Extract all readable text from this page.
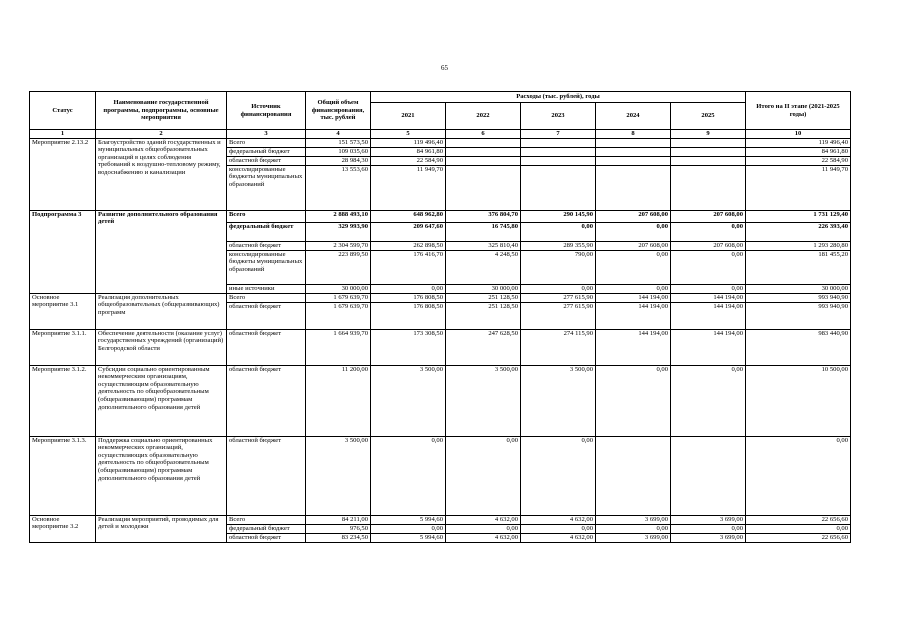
65
Статус	Наименование государственной программы, подпрограммы, основные мероприятия	Источник финансирования	Общий объем финансирования, тыс. рублей	Расходы (тыс. рублей), годы					Итого на II этапе (2021-2025 годы)
				2021	2022	2023	2024	2025	
1	2	3	4	5	6	7	8	9	10
Мероприятие 2.13.2	Благоустройство зданий государственных и муниципальных общеобразовательных организаций в целях соблюдения требований к воздушно-тепловому режиму, водоснабжению и канализации	Всего	151 573,50	119 496,40					119 496,40
		федеральный бюджет	109 035,60	84 961,80					84 961,80
		областной бюджет	28 984,30	22 584,90					22 584,90
		консолидированные бюджеты муниципальных образований	13 553,60	11 949,70					11 949,70
Подпрограмма 3	Развитие дополнительного образования детей	Всего	2 888 493,10	648 962,80	376 804,70	290 145,90	207 608,00	207 608,00	1 731 129,40
		федеральный бюджет	329 993,90	209 647,60	16 745,80	0,00	0,00	0,00	226 393,40
		областной бюджет	2 304 599,70	262 898,50	325 810,40	289 355,90	207 608,00	207 608,00	1 293 280,80
		консолидированные бюджеты муниципальных образований	223 899,50	176 416,70	4 248,50	790,00	0,00	0,00	181 455,20
		иные источники	30 000,00	0,00	30 000,00	0,00	0,00	0,00	30 000,00
Основное мероприятие 3.1	Реализация дополнительных общеобразовательных (общеразвивающих) программ	Всего	1 679 639,70	176 808,50	251 128,50	277 615,90	144 194,00	144 194,00	993 940,90
		областной бюджет	1 679 639,70	176 808,50	251 128,50	277 615,90	144 194,00	144 194,00	993 940,90
Мероприятие 3.1.1.	Обеспечение деятельности (оказание услуг) государственных учреждений (организаций) Белгородской области	областной бюджет	1 664 939,70	173 308,50	247 628,50	274 115,90	144 194,00	144 194,00	983 440,90
Мероприятие 3.1.2.	Субсидии социально ориентированным некоммерческим организациям, осуществляющим образовательную деятельность по общеобразовательным (общеразвивающим) программам дополнительного образования детей	областной бюджет	11 200,00	3 500,00	3 500,00	3 500,00	0,00	0,00	10 500,00
Мероприятие 3.1.3.	Поддержка социально ориентированных некоммерческих организаций, осуществляющих образовательную деятельность по общеобразовательным (общеразвивающим) программам дополнительного образования детей	областной бюджет	3 500,00	0,00	0,00	0,00			0,00
Основное мероприятие 3.2	Реализация мероприятий, проводимых для детей и молодежи	Всего	84 211,00	5 994,60	4 632,00	4 632,00	3 699,00	3 699,00	22 656,60
		федеральный бюджет	976,50	0,00	0,00	0,00	0,00	0,00	0,00
		областной бюджет	83 234,50	5 994,60	4 632,00	4 632,00	3 699,00	3 699,00	22 656,60
